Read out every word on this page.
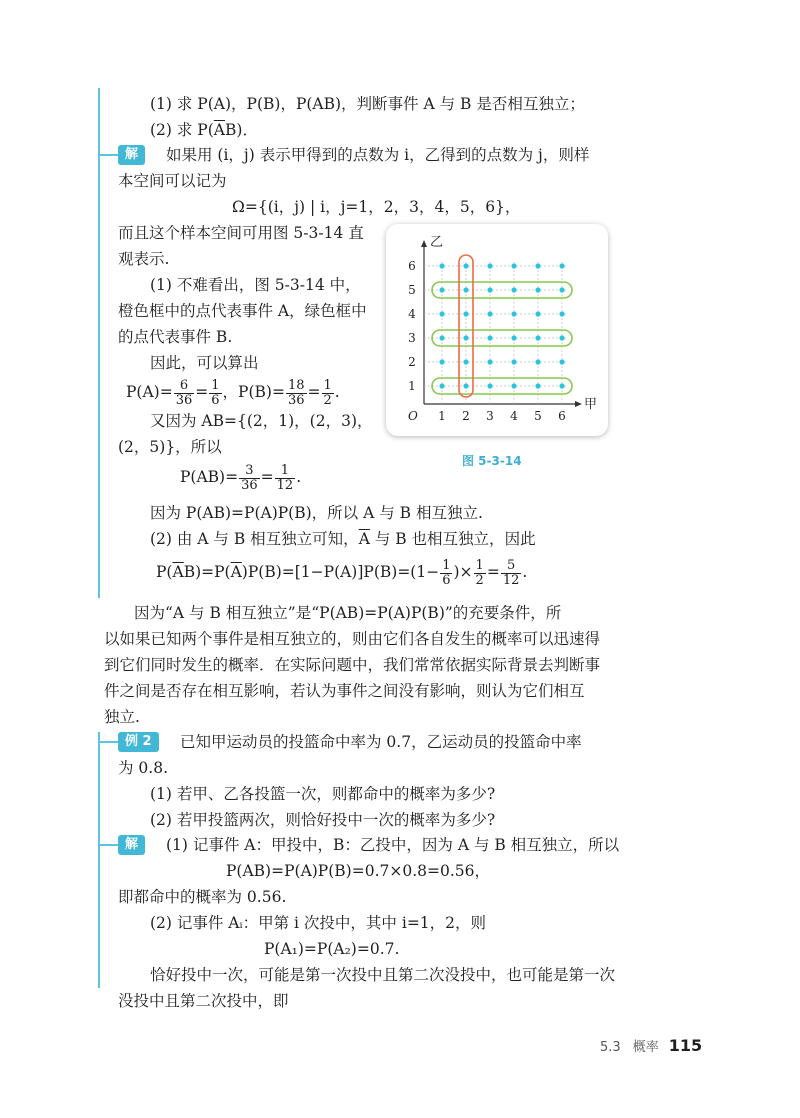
(1) 求 P(A)，P(B)，P(AB)，判断事件 A 与 B 是否相互独立；
(2) 求 $P(\overline{A}B)$．
解	如果用 (i，j) 表示甲得到的点数为 i，乙得到的点数为 j，则样
本空间可以记为
Ω={(i，j) | i，j=1，2，3，4，5，6}，
而且这个样本空间可用图 5-3-14 直
观表示.
(1) 不难看出，图 5-3-14 中，
橙色框中的点代表事件 A，绿色框中
的点代表事件 B.
因此，可以算出
$P(A)= \frac{6}{36} = \frac{1}{6}$ ，$P(B)= \frac{18}{36} = \frac{1}{2}$ .
又因为 AB={(2，1)，(2，3)，
(2，5)}，所以
$P(AB)= \frac{3}{36} = \frac{1}{12}$ .
因为 P(AB)=P(A)P(B)，所以 A 与 B 相互独立.
(2) 由 A 与 B 相互独立可知，$\overline{A}$ 与 B 也相互独立，因此
$P(\overline{A}B)=P(\overline{A})P(B)=[1-P(A)]P(B)=(1- \frac{1}{6}$ )× $\frac{1}{2} = \frac{5}{12}$ .
1 2 3 4 5 6
1
2
3
4
5
6
乙
甲
O
图 5-3-14
因为“A 与 B 相互独立”是“P(AB)=P(A)P(B)”的充要条件，所
以如果已知两个事件是相互独立的，则由它们各自发生的概率可以迅速得
到它们同时发生的概率．在实际问题中，我们常常依据实际背景去判断事
件之间是否存在相互影响，若认为事件之间没有影响，则认为它们相互
独立.
例 2	已知甲运动员的投篮命中率为 0.7，乙运动员的投篮命中率
为 0.8.
(1) 若甲、乙各投篮一次，则都命中的概率为多少?
(2) 若甲投篮两次，则恰好投中一次的概率为多少?
解	(1) 记事件 A：甲投中，B：乙投中，因为 A 与 B 相互独立，所以
P(AB)=P(A)P(B)=0.7×0.8=0.56，
即都命中的概率为 0.56.
(2) 记事件 Aᵢ：甲第 i 次投中，其中 i=1，2，则
P(A₁)=P(A₂)=0.7.
恰好投中一次，可能是第一次投中且第二次没投中，也可能是第一次
没投中且第二次投中，即
5.3 概率 115
